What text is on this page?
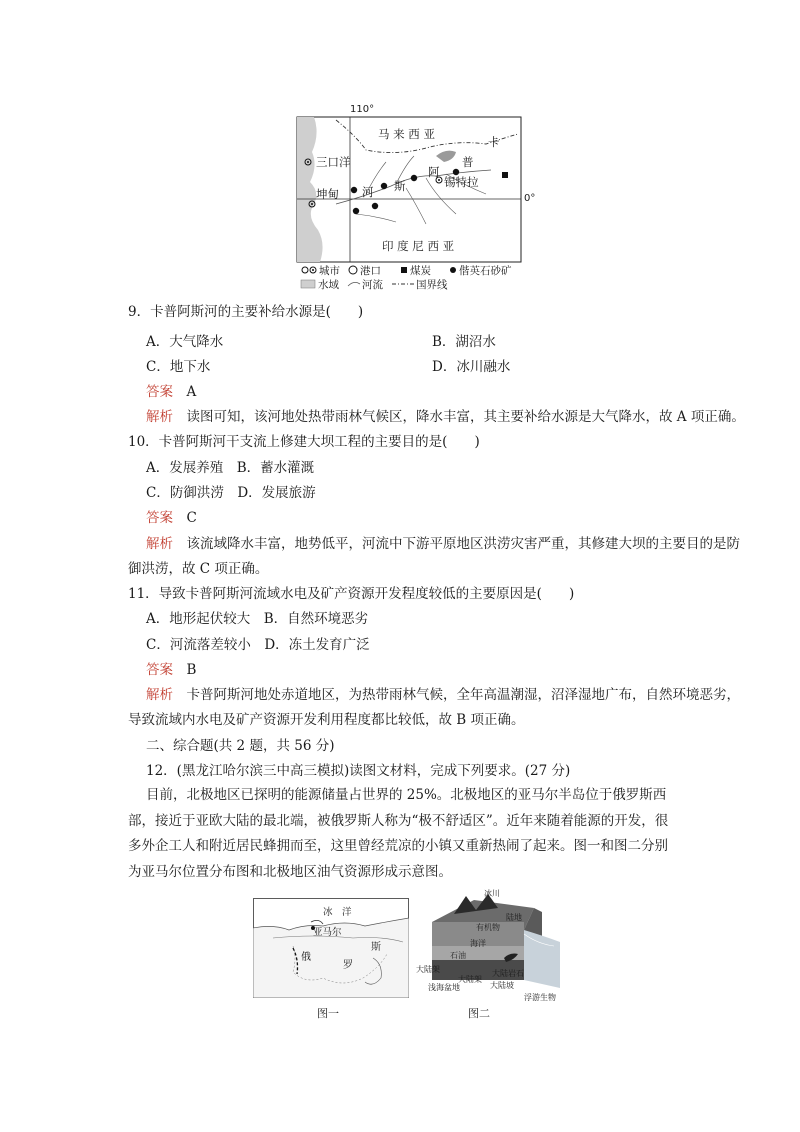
110°
0°
马 来 西 亚
卡
普
阿
三口洋
坤甸 河 斯	锡特拉
印 度 尼 西 亚
城市 港口	煤炭	偕英石砂矿
水域 河流	国界线
9．卡普阿斯河的主要补给水源是(　　)
A．大气降水	B．湖沼水
C．地下水	D．冰川融水
答案　 A
解析　 读图可知，该河地处热带雨林气候区，降水丰富，其主要补给水源是大气降水，故 A 项正确。
10．卡普阿斯河干支流上修建大坝工程的主要目的是(　　)
A．发展养殖　B．蓄水灌溉
C．防御洪涝　D．发展旅游
答案　 C
解析　 该流域降水丰富，地势低平，河流中下游平原地区洪涝灾害严重，其修建大坝的主要目的是防
御洪涝，故 C 项正确。
11．导致卡普阿斯河流域水电及矿产资源开发程度较低的主要原因是(　　)
A．地形起伏较大　B．自然环境恶劣
C．河流落差较小　D．冻土发育广泛
答案　 B
解析　 卡普阿斯河地处赤道地区，为热带雨林气候，全年高温潮湿，沼泽湿地广布，自然环境恶劣，
导致流域内水电及矿产资源开发利用程度都比较低，故 B 项正确。
二、综合题(共 2 题，共 56 分)
12．(黑龙江哈尔滨三中高三模拟)读图文材料，完成下列要求。(27 分)
目前，北极地区已探明的能源储量占世界的 25%。北极地区的亚马尔半岛位于俄罗斯西部，接近于亚欧大陆的最北端，被俄罗斯人称为“极不舒适区”。近年来随着能源的开发，很多外企工人和附近居民蜂拥而至，这里曾经荒凉的小镇又重新热闹了起来。图一和图二分别为亚马尔位置分布图和北极地区油气资源形成示意图。
冰　洋
亚马尔
俄
罗
斯
图一
冰川
陆地
有机物
石油
大陆架
浮游生物
海洋
大陆架
浅海盆地
大陆岩石
大陆坡
图二
